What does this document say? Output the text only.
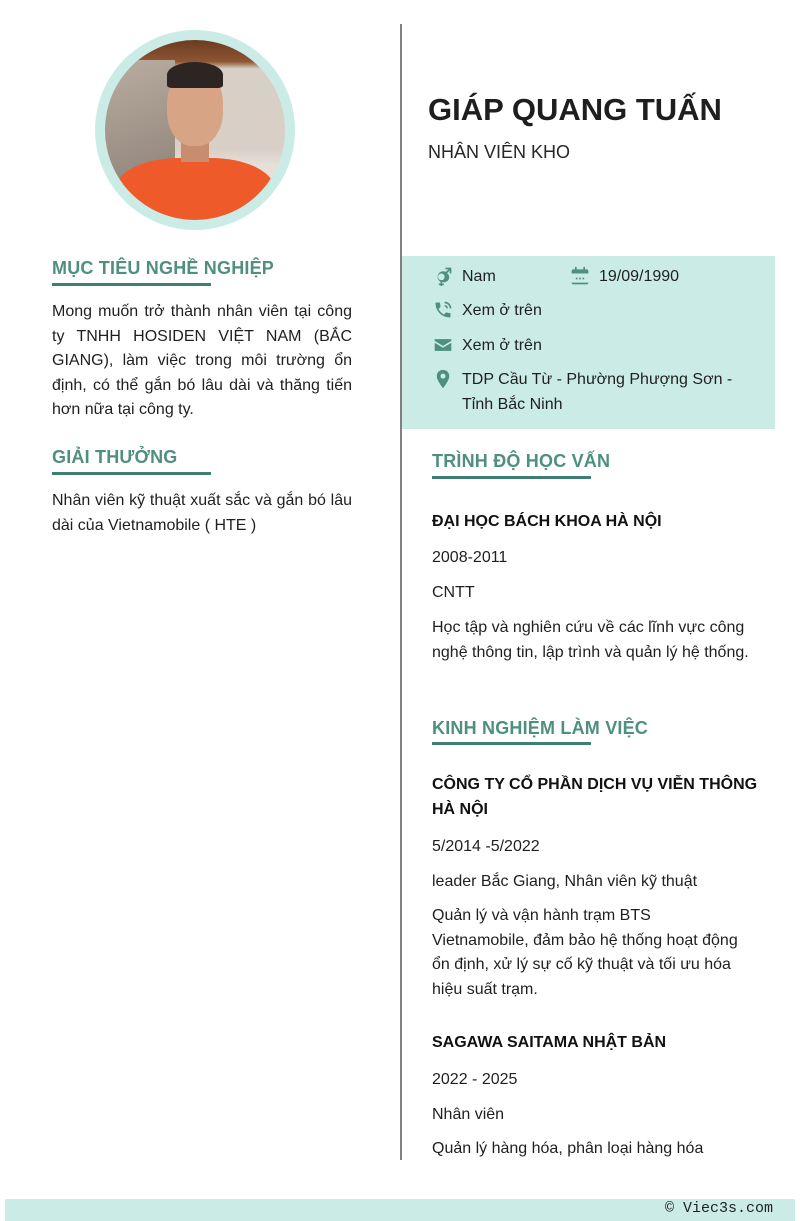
MỤC TIÊU NGHỀ NGHIỆP
Mong muốn trở thành nhân viên tại công ty TNHH HOSIDEN VIỆT NAM (BẮC GIANG), làm việc trong môi trường ổn định, có thể gắn bó lâu dài và thăng tiến hơn nữa tại công ty.
GIẢI THƯỞNG
Nhân viên kỹ thuật xuất sắc và gắn bó lâu dài của Vietnamobile ( HTE )
GIÁP QUANG TUẤN
NHÂN VIÊN KHO
Nam	19/09/1990
Xem ở trên
Xem ở trên
TDP Cầu Từ - Phường Phượng Sơn - Tỉnh Bắc Ninh
TRÌNH ĐỘ HỌC VẤN
ĐẠI HỌC BÁCH KHOA HÀ NỘI
2008-2011
CNTT
Học tập và nghiên cứu về các lĩnh vực công nghệ thông tin, lập trình và quản lý hệ thống.
KINH NGHIỆM LÀM VIỆC
CÔNG TY CỔ PHẦN DỊCH VỤ VIỄN THÔNG HÀ NỘI
5/2014 -5/2022
leader Bắc Giang, Nhân viên kỹ thuật
Quản lý và vận hành trạm BTS Vietnamobile, đảm bảo hệ thống hoạt động ổn định, xử lý sự cố kỹ thuật và tối ưu hóa hiệu suất trạm.
SAGAWA SAITAMA NHẬT BẢN
2022 - 2025
Nhân viên
Quản lý hàng hóa, phân loại hàng hóa
© Viec3s.com
